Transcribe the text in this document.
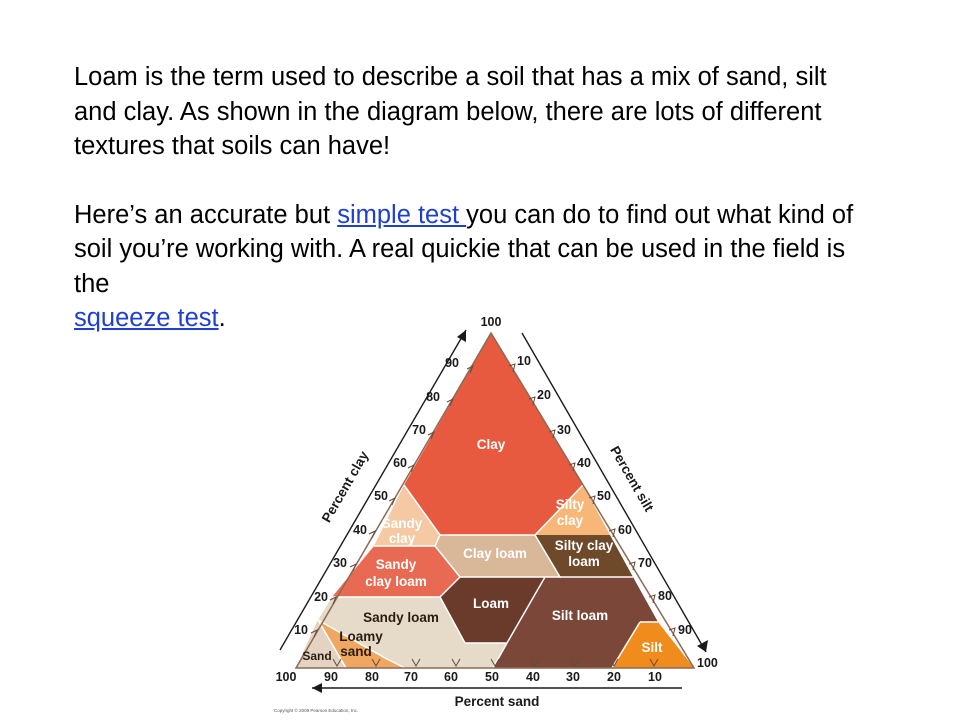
Loam is the term used to describe a soil that has a mix of sand, silt and clay. As shown in the diagram below, there are lots of different textures that soils can have!

Here’s an accurate but simple test you can do to find out what kind of soil you’re working with. A real quickie that can be used in the field is the
squeeze test.	100
90
80
70
60
50
40
30
20
10
10
20
30
40
50
60
70
80
90
100
100 90 80 70 60 50 40 30 20 10
Percent clay	Percent silt
Percent sand
Clay
Sandy
clay
Silty
clay
Clay loam
Silty clay
loam
Sandy
clay loam
Loam
Sandy loam	Silt loam
Loamy
sand
Sand
Silt
Copyright © 2009 Pearson Education, Inc.
